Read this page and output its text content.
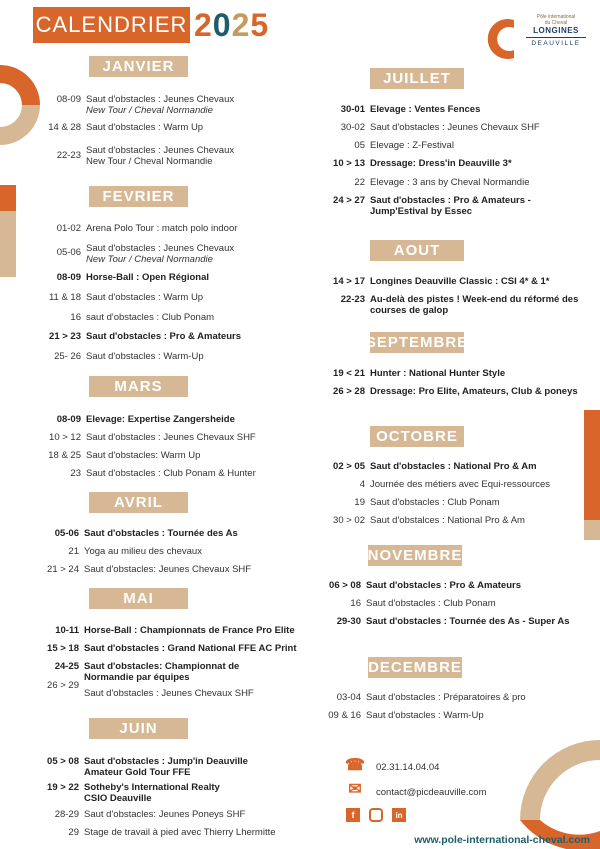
CALENDRIER 2025	Pôle international
du Cheval
LONGINES
DEAUVILLE
JANVIER
FEVRIER
MARS
AVRIL
MAI
JUIN
JUILLET
AOUT
SEPTEMBRE
OCTOBRE
NOVEMBRE
DECEMBRE
08-09 Saut d'obstacles : Jeunes Chevaux
New Tour / Cheval Normandie
14 & 28 Saut d'obstacles : Warm Up
22-23 Saut d'obstacles : Jeunes Chevaux New Tour / Cheval Normandie
01-02 Arena Polo Tour : match polo indoor
05-06 Saut d'obstacles : Jeunes Chevaux
New Tour / Cheval Normandie
08-09 Horse-Ball : Open Régional
11 & 18 Saut d'obstacles : Warm Up
16 saut d'obstacles : Club Ponam
21 > 23 Saut d'obstacles : Pro & Amateurs
25- 26 Saut d'obstacles : Warm-Up
08-09 Elevage: Expertise Zangersheide
10 > 12 Saut d'obstacles : Jeunes Chevaux SHF
18 & 25 Saut d'obstacles: Warm Up
23 Saut d'obstacles : Club Ponam & Hunter
05-06 Saut d'obstacles : Tournée des As
21 Yoga au milieu des chevaux
21 > 24 Saut d'obstacles: Jeunes Chevaux SHF
10-11 Horse-Ball : Championnats de France Pro Elite
15 > 18 Saut d'obstacles : Grand National FFE AC Print
24-25 Saut d'obstacles: Championnat de Normandie par équipes
26 > 29
Saut d'obstacles : Jeunes Chevaux SHF
05 > 08 Saut d'obstacles : Jump'in Deauville Amateur Gold Tour FFE
19 > 22 Sotheby's International Realty CSIO Deauville
28-29 Saut d'obstacles: Jeunes Poneys SHF
29 Stage de travail à pied avec Thierry Lhermitte
30-01 Elevage : Ventes Fences
30-02 Saut d'obstacles : Jeunes Chevaux SHF
05 Elevage : Z-Festival
10 > 13 Dressage: Dress'in Deauville 3*
22 Elevage : 3 ans by Cheval Normandie
24 > 27 Saut d'obstacles : Pro & Amateurs - Jump'Estival by Essec
14 > 17 Longines Deauville Classic : CSI 4* & 1*
22-23 Au-delà des pistes ! Week-end du réformé des courses de galop
19 < 21 Hunter : National Hunter Style
26 > 28 Dressage: Pro Elite, Amateurs, Club & poneys
02 > 05 Saut d'obstacles : National Pro & Am
4 Journée des métiers avec Equi-ressources
19 Saut d'obstacles : Club Ponam
30 > 02 Saut d'obstalces : National Pro & Am
06 > 08 Saut d'obstacles : Pro & Amateurs
16 Saut d'obstacles : Club Ponam
29-30 Saut d'obstacles : Tournée des As - Super As
03-04 Saut d'obstacles : Préparatoires & pro
09 & 16 Saut d'obstacles : Warm-Up
☎ 02.31.14.04.04
✉ contact@picdeauville.com
f	in
www.pole-international-cheval.com
